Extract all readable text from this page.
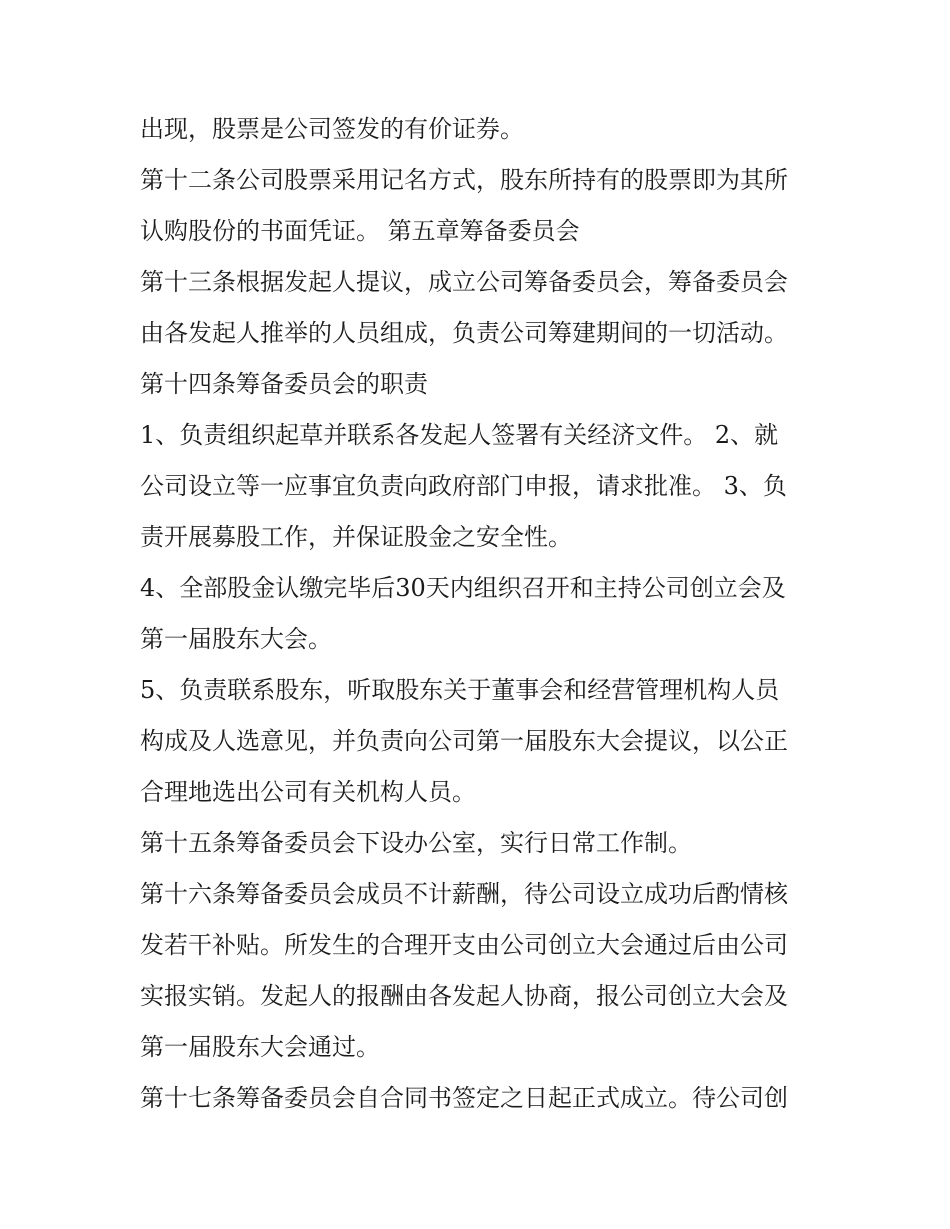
出现，股票是公司签发的有价证券。
第十二条公司股票采用记名方式，股东所持有的股票即为其所
认购股份的书面凭证。 第五章筹备委员会
第十三条根据发起人提议，成立公司筹备委员会，筹备委员会
由各发起人推举的人员组成，负责公司筹建期间的一切活动。
第十四条筹备委员会的职责
1、负责组织起草并联系各发起人签署有关经济文件。 2、就
公司设立等一应事宜负责向政府部门申报，请求批准。 3、负
责开展募股工作，并保证股金之安全性。
4、全部股金认缴完毕后30天内组织召开和主持公司创立会及
第一届股东大会。
5、负责联系股东，听取股东关于董事会和经营管理机构人员
构成及人选意见，并负责向公司第一届股东大会提议，以公正
合理地选出公司有关机构人员。
第十五条筹备委员会下设办公室，实行日常工作制。
第十六条筹备委员会成员不计薪酬，待公司设立成功后酌情核
发若干补贴。所发生的合理开支由公司创立大会通过后由公司
实报实销。发起人的报酬由各发起人协商，报公司创立大会及
第一届股东大会通过。
第十七条筹备委员会自合同书签定之日起正式成立。待公司创
